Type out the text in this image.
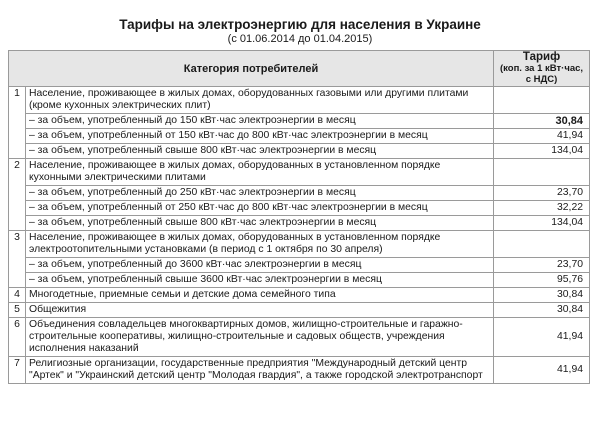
Тарифы на электроэнергию для населения в Украине
(с 01.06.2014 до 01.04.2015)
Категория потребителей		Тариф
(коп. за 1 кВт·час, с НДС)

1	Население, проживающее в жилых домах, оборудованных газовыми или другими плитами (кроме кухонных электрических плит)	
	– за объем, употребленный до 150 кВт·час электроэнергии в месяц	30,84
	– за объем, употребленный от 150 кВт·час до 800 кВт·час электроэнергии в месяц	41,94
	– за объем, употребленный свыше 800 кВт·час электроэнергии в месяц	134,04
2	Население, проживающее в жилых домах, оборудованных в установленном порядке кухонными электрическими плитами	
	– за объем, употребленный до 250 кВт·час электроэнергии в месяц	23,70
	– за объем, употребленный от 250 кВт·час до 800 кВт·час электроэнергии в месяц	32,22
	– за объем, употребленный свыше 800 кВт·час электроэнергии в месяц	134,04
3	Население, проживающее в жилых домах, оборудованных в установленном порядке электроотопительными установками (в период с 1 октября по 30 апреля)	
	– за объем, употребленный до 3600 кВт·час электроэнергии в месяц	23,70
	– за объем, употребленный свыше 3600 кВт·час электроэнергии в месяц	95,76
4	Многодетные, приемные семьи и детские дома семейного типа	30,84
5	Общежития	30,84
6	Объединения совладельцев многоквартирных домов, жилищно-строительные и гаражно-строительные кооперативы, жилищно-строительные и садовых обществ, учреждения исполнения наказаний	41,94
7	Религиозные организации, государственные предприятия "Международный детский центр "Артек" и "Украинский детский центр "Молодая гвардия", а также городской электротранспорт	41,94
